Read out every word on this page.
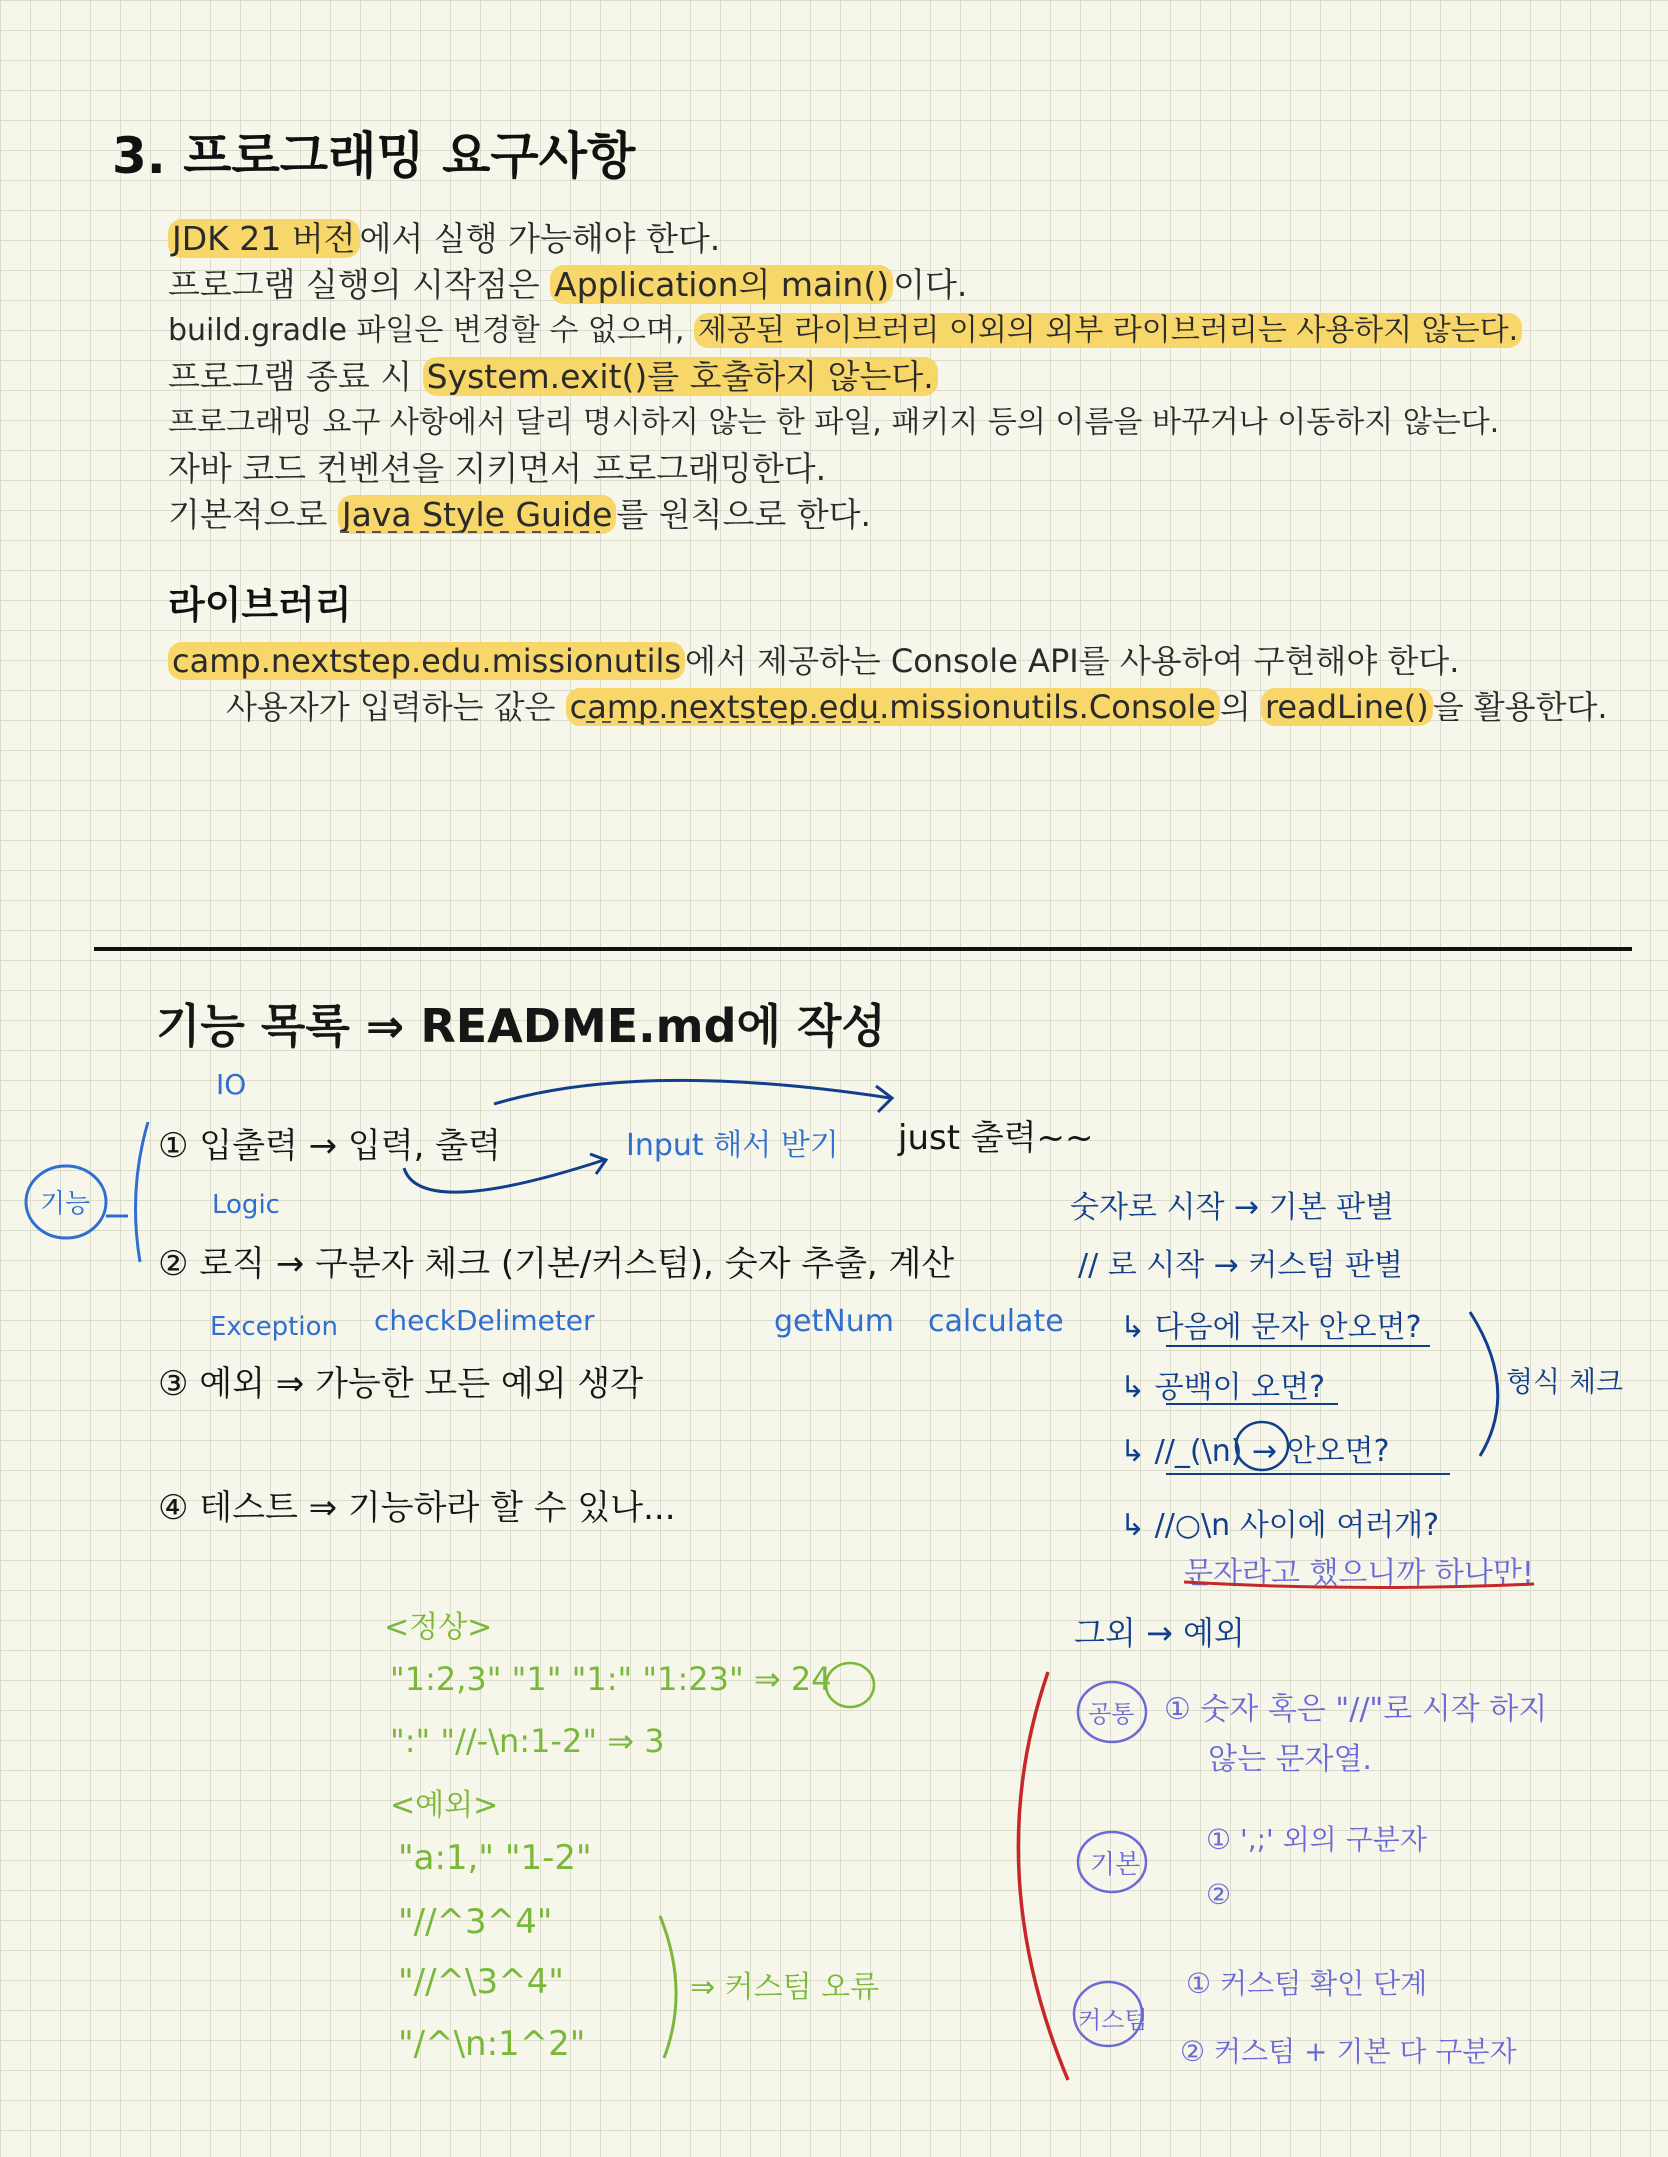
3. 프로그래밍 요구사항
JDK 21 버전 에서 실행 가능해야 한다.
프로그램 실행의 시작점은 Application의 main() 이다.
build.gradle 파일은 변경할 수 없으며, 제공된 라이브러리 이외의 외부 라이브러리는 사용하지 않는다.
프로그램 종료 시 System.exit()를 호출하지 않는다.
프로그래밍 요구 사항에서 달리 명시하지 않는 한 파일, 패키지 등의 이름을 바꾸거나 이동하지 않는다.
자바 코드 컨벤션을 지키면서 프로그래밍한다.
기본적으로 Java Style Guide 를 원칙으로 한다.
라이브러리
camp.nextstep.edu.missionutils 에서 제공하는 Console API를 사용하여 구현해야 한다.
사용자가 입력하는 값은 camp.nextstep.edu.missionutils.Console 의 readLine() 을 활용한다.
기능 목록 ⇒ README.md에 작성
IO
기능
① 입출력 → 입력, 출력	Input 해서 받기 just 출력~~
Logic
② 로직 → 구분자 체크 (기본/커스텀), 숫자 추출, 계산
Exception checkDelimeter	getNum calculate
③ 예외 ⇒ 가능한 모든 예외 생각
④ 테스트 ⇒ 기능하라 할 수 있나...
숫자로 시작 → 기본 판별
// 로 시작 → 커스텀 판별
↳ 다음에 문자 안오면?
↳ 공백이 오면?
↳ //_(\n) → 안오면?
↳ //○\n 사이에 여러개?
형식 체크
문자라고 했으니까 하나만!
그외 → 예외
<정상>
"1:2,3" "1" "1:" "1:23" ⇒ 24
":" "//-\n:1-2" ⇒ 3
<예외>
"a:1," "1-2"
"//^3^4"
"//^\3^4"
"/^\n:1^2"
⇒ 커스텀 오류
공통 ① 숫자 혹은 "//"로 시작 하지
않는 문자열.
기본
① ',;' 외의 구분자
②
커스텀
① 커스텀 확인 단계
② 커스텀 + 기본 다 구분자
